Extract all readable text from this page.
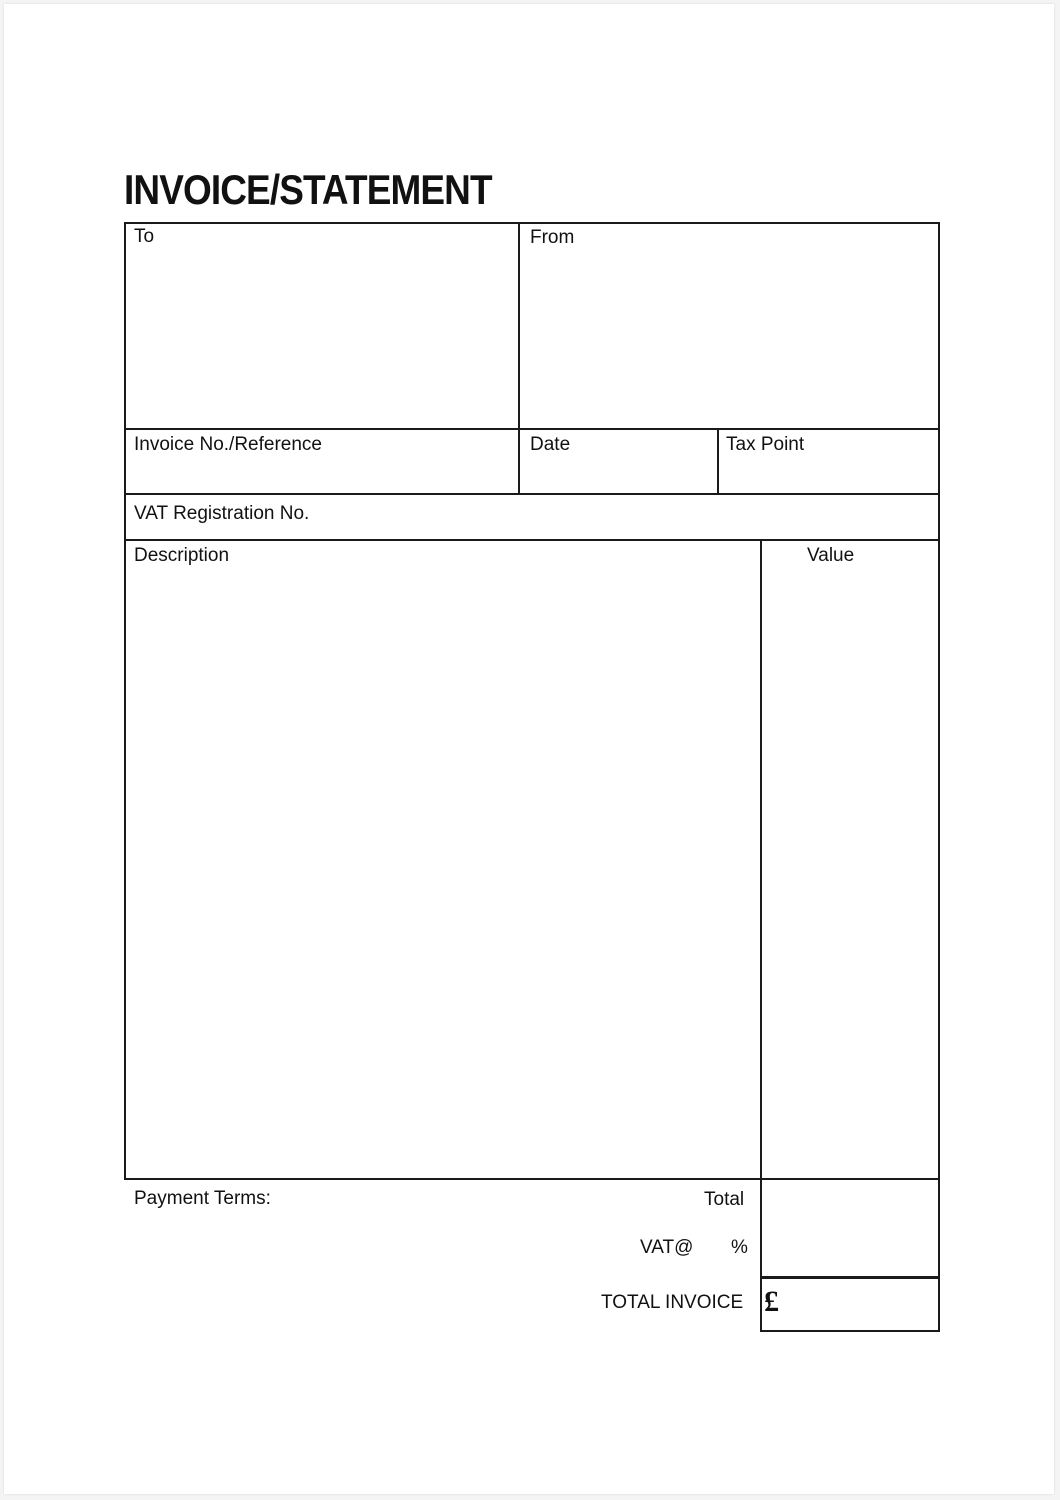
INVOICE/STATEMENT
To	From
Invoice No./Reference	Date	Tax Point
VAT Registration No.
Description	Value
Payment Terms:	Total
VAT@ %
TOTAL INVOICE £
